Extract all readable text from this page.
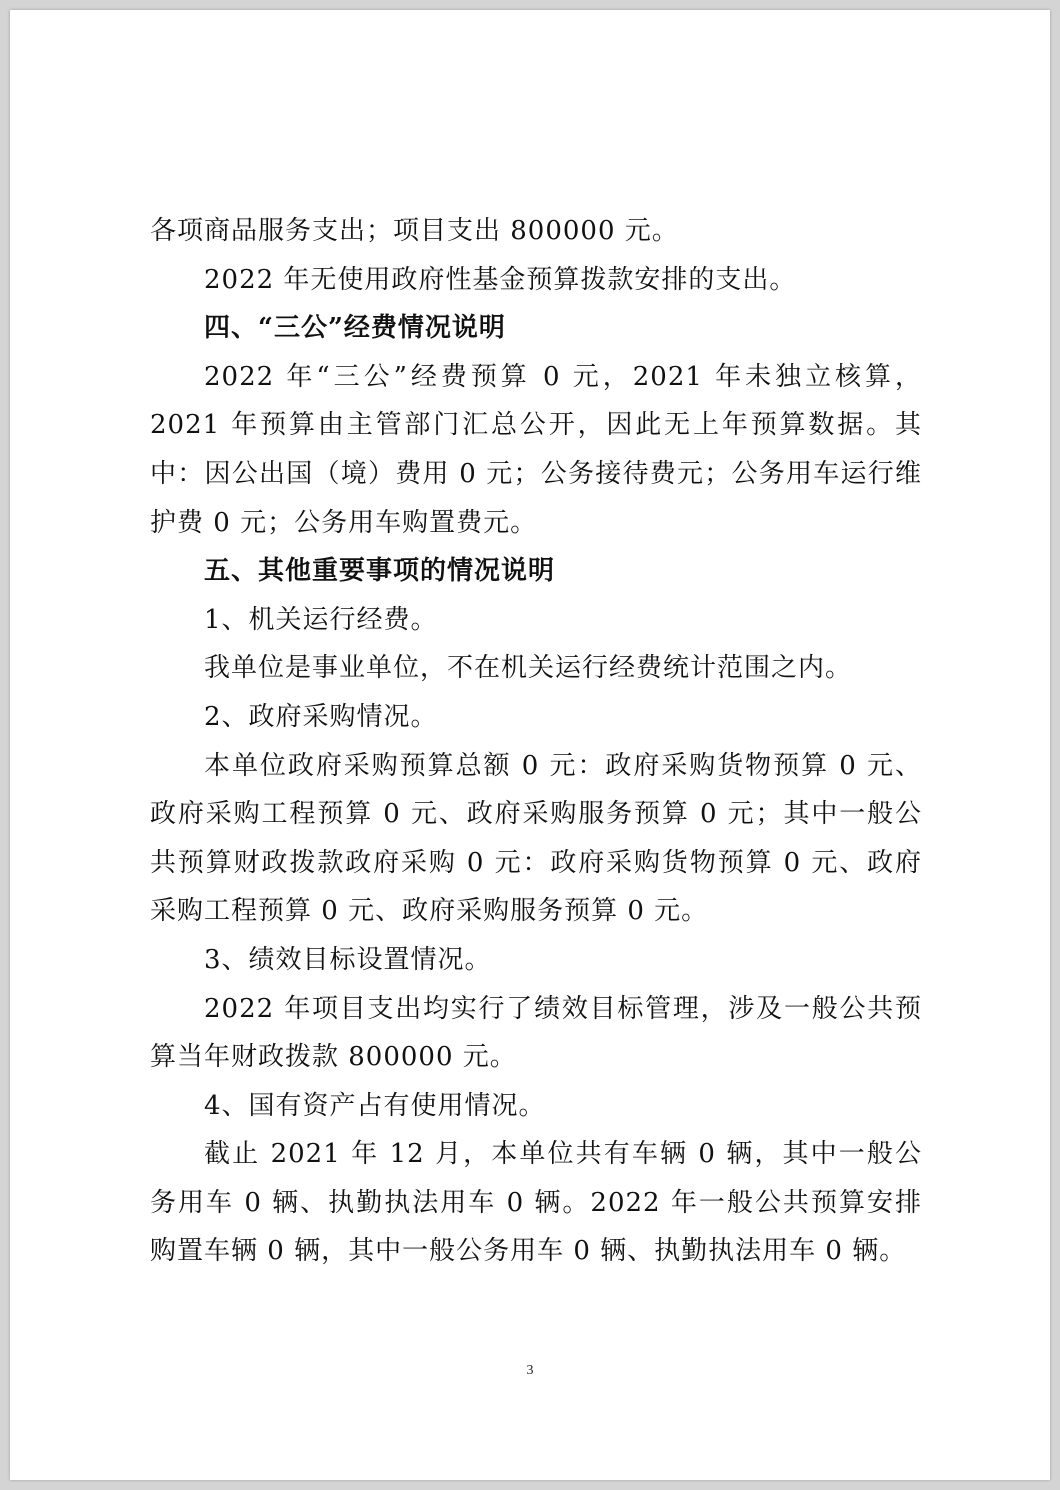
各项商品服务支出；项目支出 800000 元。

2022 年无使用政府性基金预算拨款安排的支出。

四、“三公”经费情况说明

2022 年“三公”经费预算 0 元，2021 年未独立核算，2021 年预算由主管部门汇总公开，因此无上年预算数据。其中：因公出国（境）费用 0 元；公务接待费元；公务用车运行维护费 0 元；公务用车购置费元。

五、其他重要事项的情况说明

1、机关运行经费。

我单位是事业单位，不在机关运行经费统计范围之内。

2、政府采购情况。

本单位政府采购预算总额 0 元：政府采购货物预算 0 元、政府采购工程预算 0 元、政府采购服务预算 0 元；其中一般公共预算财政拨款政府采购 0 元：政府采购货物预算 0 元、政府采购工程预算 0 元、政府采购服务预算 0 元。

3、绩效目标设置情况。

2022 年项目支出均实行了绩效目标管理，涉及一般公共预算当年财政拨款 800000 元。

4、国有资产占有使用情况。

截止 2021 年 12 月，本单位共有车辆 0 辆，其中一般公务用车 0 辆、执勤执法用车 0 辆。2022 年一般公共预算安排购置车辆 0 辆，其中一般公务用车 0 辆、执勤执法用车 0 辆。

3
